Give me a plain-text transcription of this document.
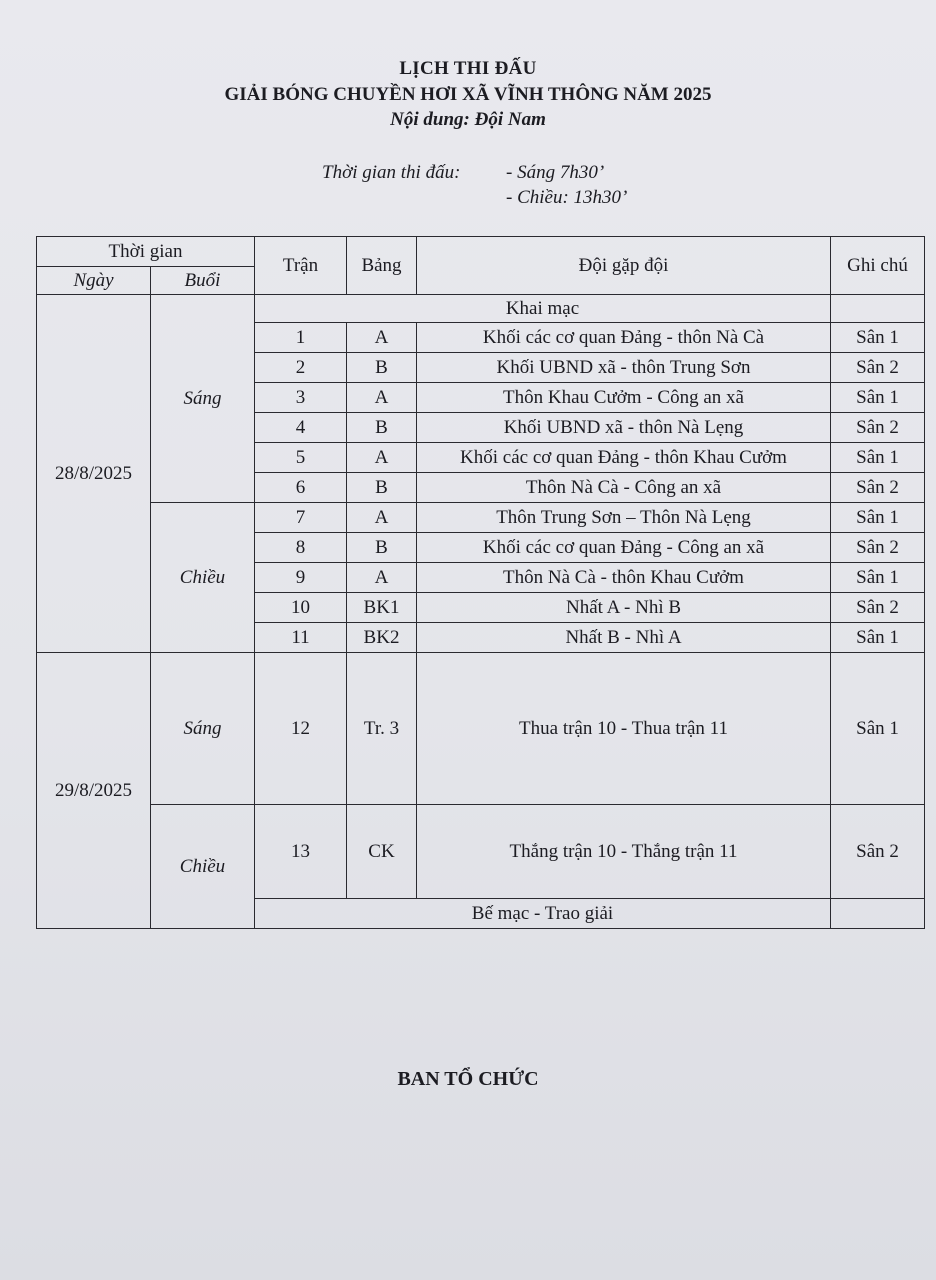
LỊCH THI ĐẤU
GIẢI BÓNG CHUYỀN HƠI XÃ VĨNH THÔNG NĂM 2025
Nội dung: Đội Nam
Thời gian thi đấu: - Sáng 7h30’
- Chiều: 13h30’
Thời gian		Trận	Bảng	Đội gặp đội	Ghi chú
Ngày	Buổi				
28/8/2025	Sáng	Khai mạc			
		1	A	Khối các cơ quan Đảng - thôn Nà Cà	Sân 1
		2	B	Khối UBND xã - thôn Trung Sơn	Sân 2
		3	A	Thôn Khau Cưởm - Công an xã	Sân 1
		4	B	Khối UBND xã - thôn Nà Lẹng	Sân 2
		5	A	Khối các cơ quan Đảng - thôn Khau Cưởm	Sân 1
		6	B	Thôn Nà Cà - Công an xã	Sân 2
	Chiều	7	A	Thôn Trung Sơn – Thôn Nà Lẹng	Sân 1
		8	B	Khối các cơ quan Đảng - Công an xã	Sân 2
		9	A	Thôn Nà Cà - thôn Khau Cưởm	Sân 1
		10	BK1	Nhất A - Nhì B	Sân 2
		11	BK2	Nhất B - Nhì A	Sân 1
29/8/2025	Sáng	12	Tr. 3	Thua trận 10 - Thua trận 11	Sân 1
	Chiều	13	CK	Thắng trận 10 - Thắng trận 11	Sân 2
		Bế mạc - Trao giải			
BAN TỔ CHỨC
